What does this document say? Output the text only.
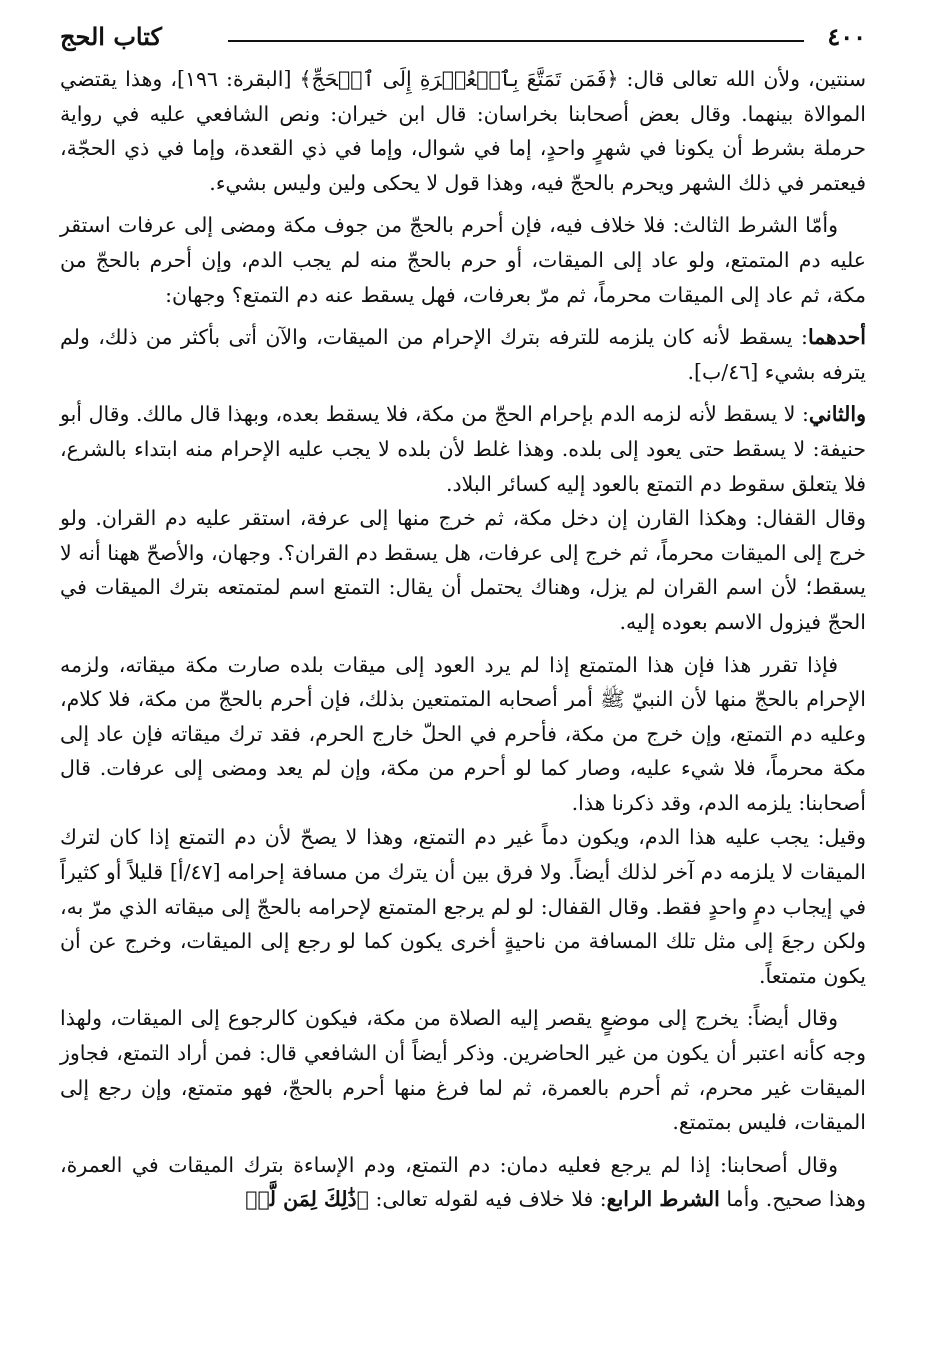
٤٠٠
كتاب الحج

سنتين، ولأن الله تعالى قال: ﴿فَمَن تَمَتَّعَ بِٱلۡعُمۡرَةِ إِلَى ٱلۡحَجِّ﴾ [البقرة: ١٩٦]، وهذا يقتضي الموالاة بينهما. وقال بعض أصحابنا بخراسان: قال ابن خيران: ونص الشافعي عليه في رواية حرملة بشرط أن يكونا في شهرٍ واحدٍ، إما في شوال، وإما في ذي القعدة، وإما في ذي الحجّة، فيعتمر في ذلك الشهر ويحرم بالحجّ فيه، وهذا قول لا يحكى ولين وليس بشيء.

وأمّا الشرط الثالث: فلا خلاف فيه، فإن أحرم بالحجّ من جوف مكة ومضى إلى عرفات استقر عليه دم المتمتع، ولو عاد إلى الميقات، أو حرم بالحجّ منه لم يجب الدم، وإن أحرم بالحجّ من مكة، ثم عاد إلى الميقات محرماً، ثم مرّ بعرفات، فهل يسقط عنه دم التمتع؟ وجهان:

أحدهما: يسقط لأنه كان يلزمه للترفه بترك الإحرام من الميقات، والآن أتى بأكثر من ذلك، ولم يترفه بشيء [٤٦/ب].

والثاني: لا يسقط لأنه لزمه الدم بإحرام الحجّ من مكة، فلا يسقط بعده، وبهذا قال مالك. وقال أبو حنيفة: لا يسقط حتى يعود إلى بلده. وهذا غلط لأن بلده لا يجب عليه الإحرام منه ابتداء بالشرع، فلا يتعلق سقوط دم التمتع بالعود إليه كسائر البلاد.

وقال القفال: وهكذا القارن إن دخل مكة، ثم خرج منها إلى عرفة، استقر عليه دم القران. ولو خرج إلى الميقات محرماً، ثم خرج إلى عرفات، هل يسقط دم القران؟. وجهان، والأصحّ ههنا أنه لا يسقط؛ لأن اسم القران لم يزل، وهناك يحتمل أن يقال: التمتع اسم لمتمتعه بترك الميقات في الحجّ فيزول الاسم بعوده إليه.

فإذا تقرر هذا فإن هذا المتمتع إذا لم يرد العود إلى ميقات بلده صارت مكة ميقاته، ولزمه الإحرام بالحجّ منها لأن النبيّ ﷺ أمر أصحابه المتمتعين بذلك، فإن أحرم بالحجّ من مكة، فلا كلام، وعليه دم التمتع، وإن خرج من مكة، فأحرم في الحلّ خارج الحرم، فقد ترك ميقاته فإن عاد إلى مكة محرماً، فلا شيء عليه، وصار كما لو أحرم من مكة، وإن لم يعد ومضى إلى عرفات. قال أصحابنا: يلزمه الدم، وقد ذكرنا هذا.

وقيل: يجب عليه هذا الدم، ويكون دماً غير دم التمتع، وهذا لا يصحّ لأن دم التمتع إذا كان لترك الميقات لا يلزمه دم آخر لذلك أيضاً. ولا فرق بين أن يترك من مسافة إحرامه [٤٧/أ] قليلاً أو كثيراً في إيجاب دمٍ واحدٍ فقط. وقال القفال: لو لم يرجع المتمتع لإحرامه بالحجّ إلى ميقاته الذي مرّ به، ولكن رجعَ إلى مثل تلك المسافة من ناحيةٍ أخرى يكون كما لو رجع إلى الميقات، وخرج عن أن يكون متمتعاً.

وقال أيضاً: يخرج إلى موضعٍ يقصر إليه الصلاة من مكة، فيكون كالرجوع إلى الميقات، ولهذا وجه كأنه اعتبر أن يكون من غير الحاضرين. وذكر أيضاً أن الشافعي قال: فمن أراد التمتع، فجاوز الميقات غير محرم، ثم أحرم بالعمرة، ثم لما فرغ منها أحرم بالحجّ، فهو متمتع، وإن رجع إلى الميقات، فليس بمتمتع.

وقال أصحابنا: إذا لم يرجع فعليه دمان: دم التمتع، ودم الإساءة بترك الميقات في العمرة، وهذا صحيح. وأما الشرط الرابع: فلا خلاف فيه لقوله تعالى: ﴿ذَٰلِكَ لِمَن لَّمۡ
